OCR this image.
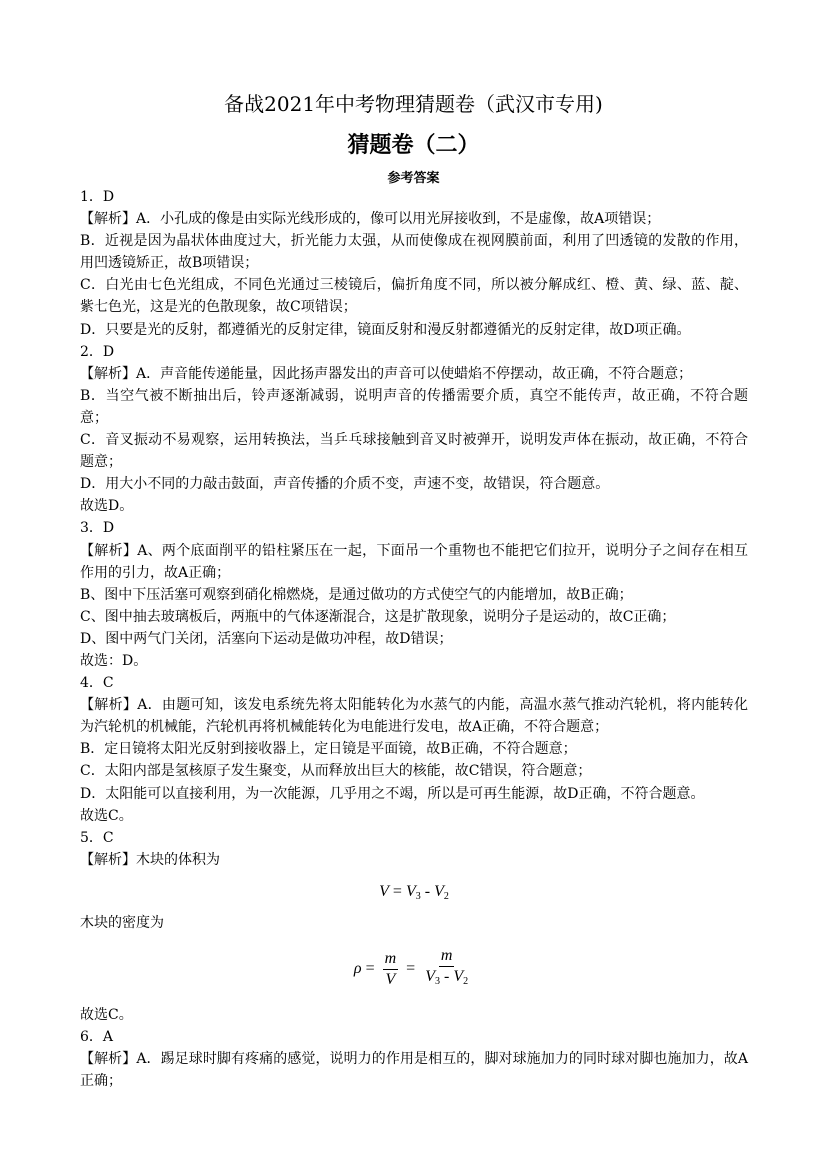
备战2021年中考物理猜题卷（武汉市专用)
猜题卷（二）
参考答案

1．D

【解析】A．小孔成的像是由实际光线形成的，像可以用光屏接收到，不是虚像，故A项错误；

B．近视是因为晶状体曲度过大，折光能力太强，从而使像成在视网膜前面，利用了凹透镜的发散的作用，用凹透镜矫正，故B项错误；

C．白光由七色光组成，不同色光通过三棱镜后，偏折角度不同，所以被分解成红、橙、黄、绿、蓝、靛、紫七色光，这是光的色散现象，故C项错误；

D．只要是光的反射，都遵循光的反射定律，镜面反射和漫反射都遵循光的反射定律，故D项正确。

2．D

【解析】A．声音能传递能量，因此扬声器发出的声音可以使蜡焰不停摆动，故正确，不符合题意；

B．当空气被不断抽出后，铃声逐渐减弱，说明声音的传播需要介质，真空不能传声，故正确，不符合题意；

C．音叉振动不易观察，运用转换法，当乒乓球接触到音叉时被弹开，说明发声体在振动，故正确，不符合题意；

D．用大小不同的力敲击鼓面，声音传播的介质不变，声速不变，故错误，符合题意。

故选D。

3．D

【解析】A、两个底面削平的铅柱紧压在一起，下面吊一个重物也不能把它们拉开，说明分子之间存在相互作用的引力，故A正确；

B、图中下压活塞可观察到硝化棉燃烧，是通过做功的方式使空气的内能增加，故B正确；

C、图中抽去玻璃板后，两瓶中的气体逐渐混合，这是扩散现象，说明分子是运动的，故C正确；

D、图中两气门关闭，活塞向下运动是做功冲程，故D错误；

故选：D。

4．C

【解析】A．由题可知，该发电系统先将太阳能转化为水蒸气的内能，高温水蒸气推动汽轮机，将内能转化为汽轮机的机械能，汽轮机再将机械能转化为电能进行发电，故A正确，不符合题意；

B．定日镜将太阳光反射到接收器上，定日镜是平面镜，故B正确，不符合题意；

C．太阳内部是氢核原子发生聚变，从而释放出巨大的核能，故C错误，符合题意；

D．太阳能可以直接利用，为一次能源，几乎用之不竭，所以是可再生能源，故D正确，不符合题意。

故选C。

5．C

【解析】木块的体积为

$V = V_3 - V_2$

木块的密度为

$\rho = \frac{m}{V} = \frac{m}{V_3 - V_2}$

故选C。

6．A

【解析】A．踢足球时脚有疼痛的感觉，说明力的作用是相互的，脚对球施加力的同时球对脚也施加力，故A正确；
